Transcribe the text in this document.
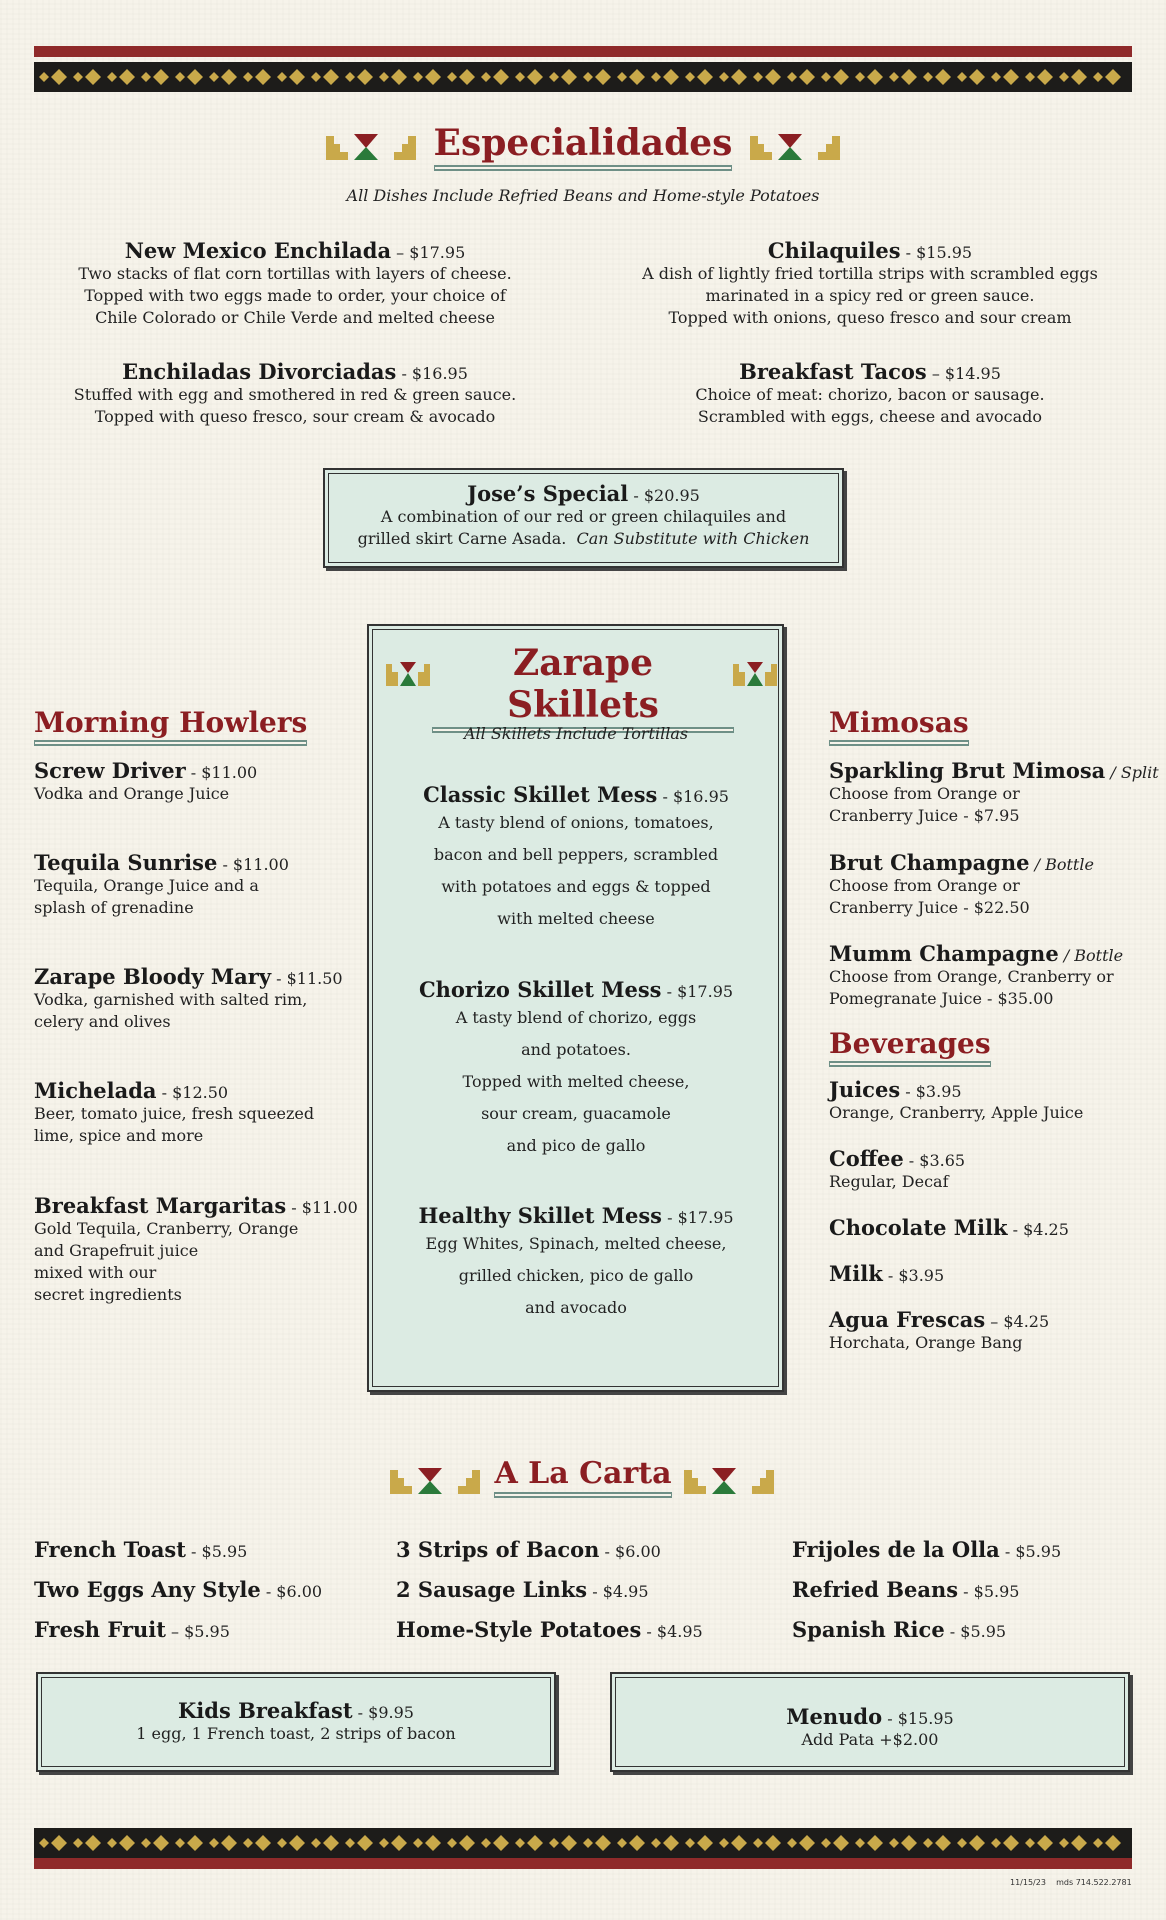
Especialidades
All Dishes Include Refried Beans and Home-style Potatoes
New Mexico Enchilada – $17.95
Two stacks of flat corn tortillas with layers of cheese.
Topped with two eggs made to order, your choice of
Chile Colorado or Chile Verde and melted cheese
Chilaquiles - $15.95
A dish of lightly fried tortilla strips with scrambled eggs
marinated in a spicy red or green sauce.
Topped with onions, queso fresco and sour cream
Enchiladas Divorciadas - $16.95
Stuffed with egg and smothered in red & green sauce.
Topped with queso fresco, sour cream & avocado
Breakfast Tacos – $14.95
Choice of meat: chorizo, bacon or sausage.
Scrambled with eggs, cheese and avocado
Jose’s Special - $20.95
A combination of our red or green chilaquiles and
grilled skirt Carne Asada. Can Substitute with Chicken
Zarape Skillets
All Skillets Include Tortillas
Classic Skillet Mess - $16.95
A tasty blend of onions, tomatoes,
bacon and bell peppers, scrambled
with potatoes and eggs & topped
with melted cheese
Chorizo Skillet Mess - $17.95
A tasty blend of chorizo, eggs
and potatoes.
Topped with melted cheese,
sour cream, guacamole
and pico de gallo
Healthy Skillet Mess - $17.95
Egg Whites, Spinach, melted cheese,
grilled chicken, pico de gallo
and avocado
Morning Howlers
Screw Driver - $11.00
Vodka and Orange Juice
Tequila Sunrise - $11.00
Tequila, Orange Juice and a
splash of grenadine
Zarape Bloody Mary - $11.50
Vodka, garnished with salted rim,
celery and olives
Michelada - $12.50
Beer, tomato juice, fresh squeezed
lime, spice and more
Breakfast Margaritas - $11.00
Gold Tequila, Cranberry, Orange
and Grapefruit juice
mixed with our
secret ingredients
Mimosas
Sparkling Brut Mimosa / Split
Choose from Orange or
Cranberry Juice - $7.95
Brut Champagne / Bottle
Choose from Orange or
Cranberry Juice - $22.50
Mumm Champagne / Bottle
Choose from Orange, Cranberry or
Pomegranate Juice - $35.00
Beverages
Juices - $3.95
Orange, Cranberry, Apple Juice
Coffee - $3.65
Regular, Decaf
Chocolate Milk - $4.25
Milk - $3.95
Agua Frescas – $4.25
Horchata, Orange Bang
A La Carta
French Toast - $5.95
Two Eggs Any Style - $6.00
Fresh Fruit – $5.95
3 Strips of Bacon - $6.00
2 Sausage Links - $4.95
Home-Style Potatoes - $4.95
Frijoles de la Olla - $5.95
Refried Beans - $5.95
Spanish Rice - $5.95
Kids Breakfast - $9.95
1 egg, 1 French toast, 2 strips of bacon
Menudo - $15.95
Add Pata +$2.00
11/15/23 mds 714.522.2781
